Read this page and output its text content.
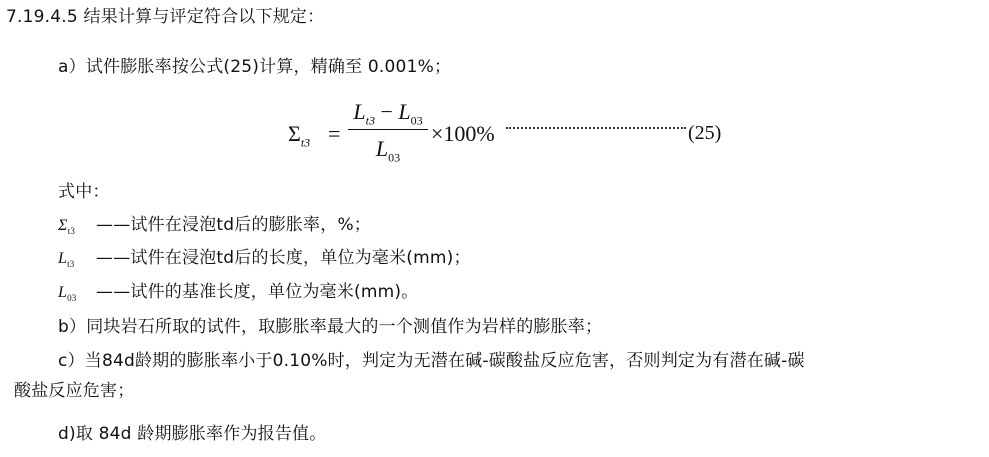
7.19.4.5 结果计算与评定符合以下规定：
a）试件膨胀率按公式(25)计算，精确至 0.001%；
$\Sigma_{t3}$ =
$L_{t3} - L_{03}$
$L_{03}$
×100%	(25)
式中：
$\Sigma_{t3}$ ——试件在浸泡td后的膨胀率，%；
$L_{t3}$ ——试件在浸泡td后的长度，单位为毫米(mm)；
$L_{03}$ ——试件的基准长度，单位为毫米(mm)。
b）同块岩石所取的试件，取膨胀率最大的一个测值作为岩样的膨胀率；
c）当84d龄期的膨胀率小于0.10%时，判定为无潜在碱-碳酸盐反应危害，否则判定为有潜在碱-碳
酸盐反应危害；
d)取 84d 龄期膨胀率作为报告值。
